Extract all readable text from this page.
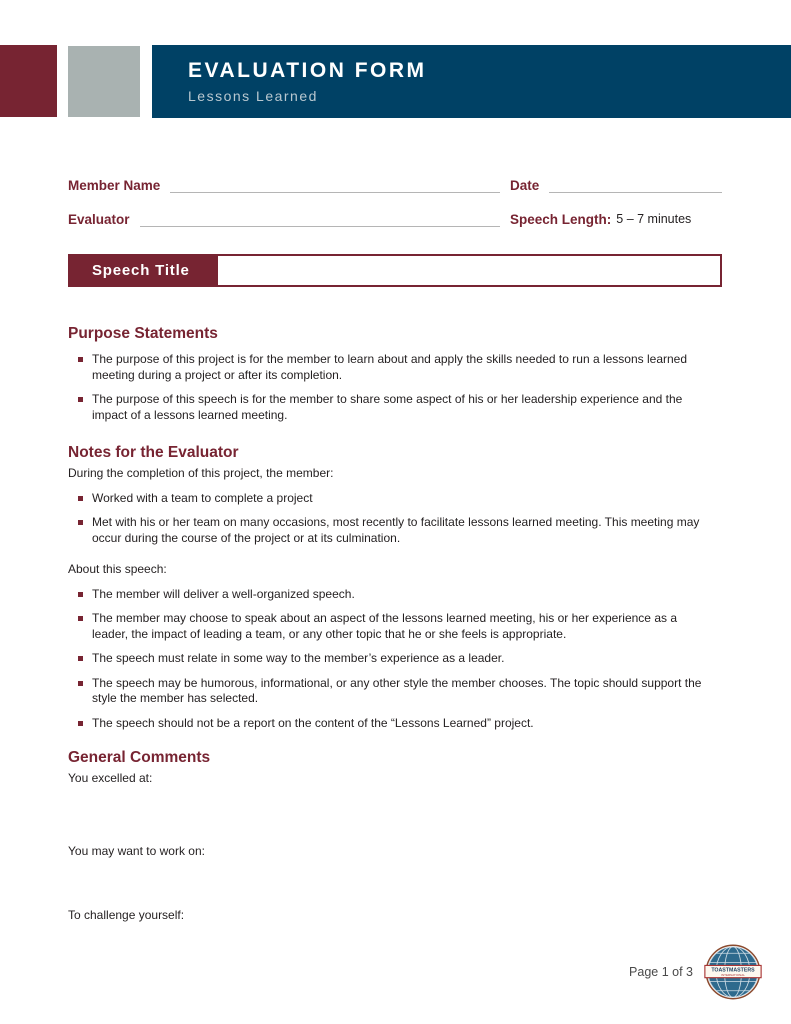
EVALUATION FORM
Lessons Learned
Member Name	Date
Evaluator	Speech Length: 5 – 7 minutes
Speech Title
Purpose Statements
The purpose of this project is for the member to learn about and apply the skills needed to run a lessons learned meeting during a project or after its completion.
The purpose of this speech is for the member to share some aspect of his or her leadership experience and the impact of a lessons learned meeting.
Notes for the Evaluator
During the completion of this project, the member:
Worked with a team to complete a project
Met with his or her team on many occasions, most recently to facilitate lessons learned meeting. This meeting may occur during the course of the project or at its culmination.
About this speech:
The member will deliver a well-organized speech.
The member may choose to speak about an aspect of the lessons learned meeting, his or her experience as a leader, the impact of leading a team, or any other topic that he or she feels is appropriate.
The speech must relate in some way to the member’s experience as a leader.
The speech may be humorous, informational, or any other style the member chooses. The topic should support the style the member has selected.
The speech should not be a report on the content of the “Lessons Learned” project.
General Comments
You excelled at:
You may want to work on:
To challenge yourself:
Page 1 of 3	TOASTMASTERS
INTERNATIONAL
